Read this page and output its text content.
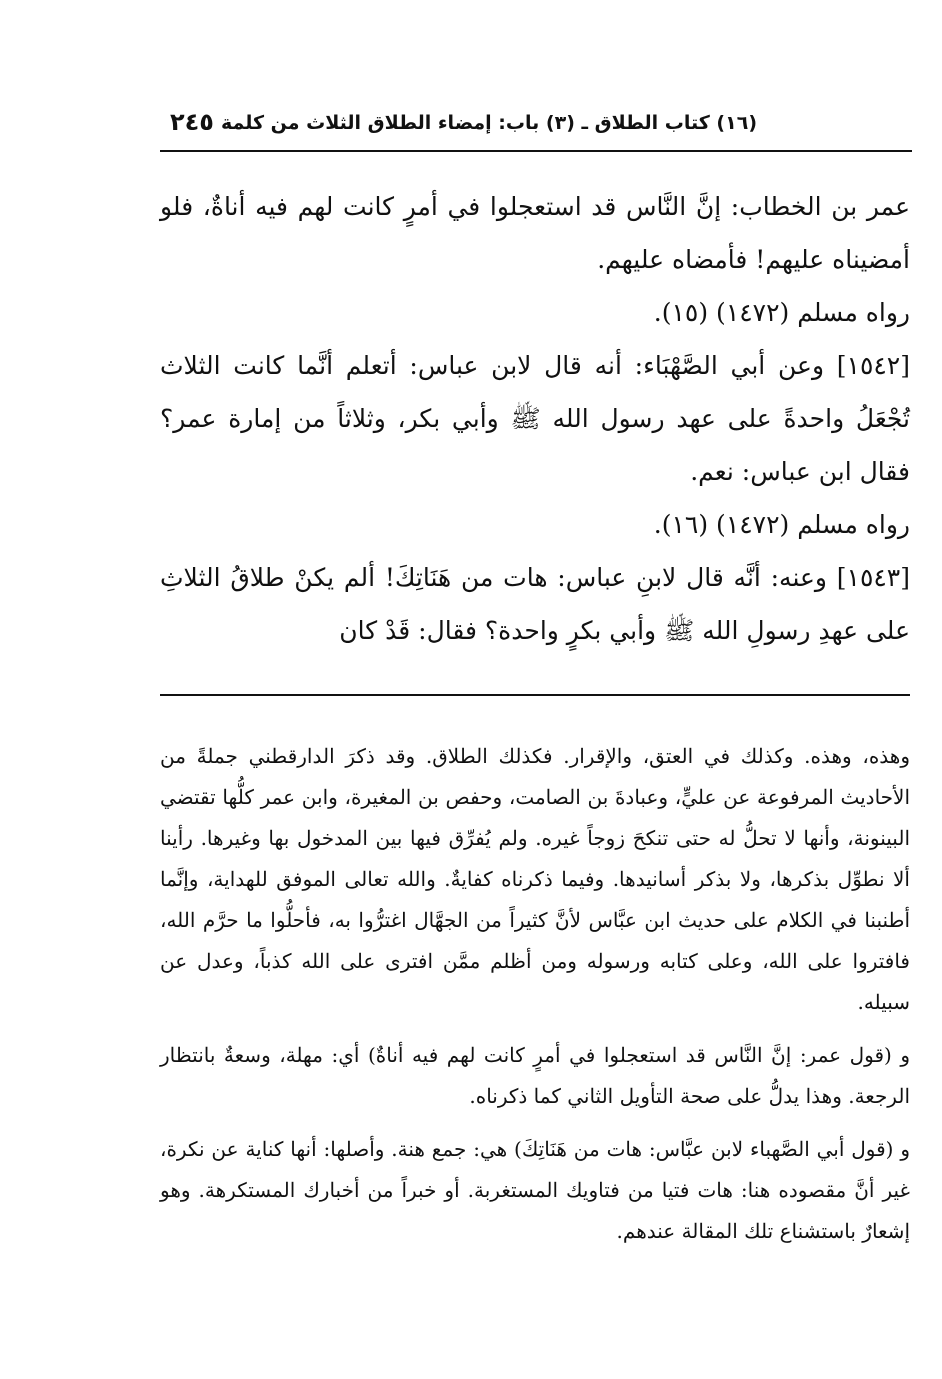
(١٦) كتاب الطلاق ـ (٣) باب: إمضاء الطلاق الثلاث من كلمة
٢٤٥

عمر بن الخطاب: إنَّ النَّاس قد استعجلوا في أمرٍ كانت لهم فيه أناةٌ، فلو أمضيناه عليهم! فأمضاه عليهم.

رواه مسلم (١٤٧٢) (١٥).

[١٥٤٢] وعن أبي الصَّهْبَاء: أنه قال لابن عباس: أتعلم أنَّما كانت الثلاث تُجْعَلُ واحدةً على عهد رسول الله ﷺ وأبي بكر، وثلاثاً من إمارة عمر؟ فقال ابن عباس: نعم.

رواه مسلم (١٤٧٢) (١٦).

[١٥٤٣] وعنه: أنَّه قال لابنِ عباس: هات من هَنَاتِكَ! ألم يكنْ طلاقُ الثلاثِ على عهدِ رسولِ الله ﷺ وأبي بكرٍ واحدة؟ فقال: قَدْ كان

وهذه، وهذه. وكذلك في العتق، والإقرار. فكذلك الطلاق. وقد ذكرَ الدارقطني جملةً من الأحاديث المرفوعة عن عليٍّ، وعبادةَ بن الصامت، وحفص بن المغيرة، وابن عمر كلُّها تقتضي البينونة، وأنها لا تحلُّ له حتى تنكحَ زوجاً غيره. ولم يُفرِّق فيها بين المدخول بها وغيرها. رأينا ألا نطوِّل بذكرها، ولا بذكر أسانيدها. وفيما ذكرناه كفايةٌ. والله تعالى الموفق للهداية، وإنَّما أطنبنا في الكلام على حديث ابن عبَّاس لأنَّ كثيراً من الجهَّال اغترُّوا به، فأحلُّوا ما حرَّم الله، فافتروا على الله، وعلى كتابه ورسوله ومن أظلم ممَّن افترى على الله كذباً، وعدل عن سبيله.

و (قول عمر: إنَّ النَّاس قد استعجلوا في أمرٍ كانت لهم فيه أناةٌ) أي: مهلة، وسعةٌ بانتظار الرجعة. وهذا يدلُّ على صحة التأويل الثاني كما ذكرناه.

و (قول أبي الصَّهباء لابن عبَّاس: هات من هَنَاتِكَ) هي: جمع هنة. وأصلها: أنها كناية عن نكرة، غير أنَّ مقصوده هنا: هات فتيا من فتاويك المستغربة. أو خبراً من أخبارك المستكرهة. وهو إشعارٌ باستشناع تلك المقالة عندهم.
